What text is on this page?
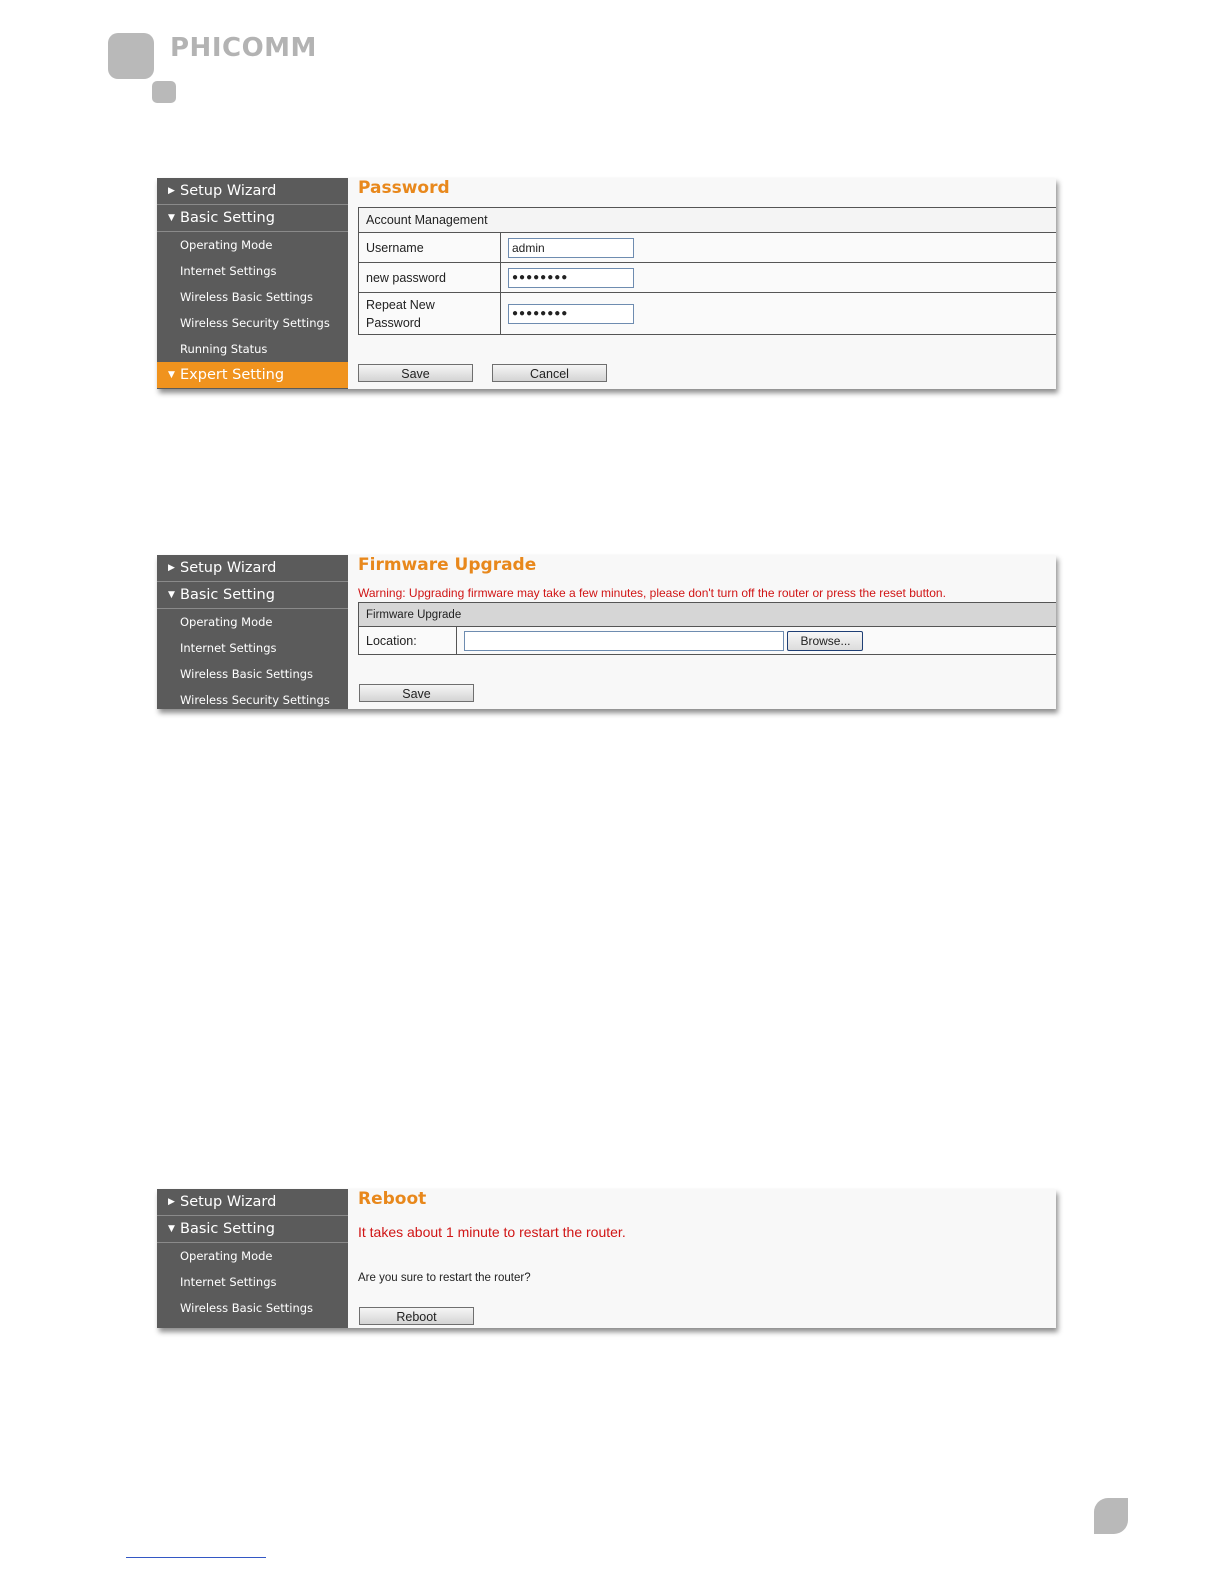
PHICOMM
▶ Setup Wizard
▼ Basic Setting
Operating Mode
Internet Settings
Wireless Basic Settings
Wireless Security Settings
Running Status
▼ Expert Setting
Password
Account Management	
Username	admin

new password	●●●●●●●●

Repeat New Password	●●●●●●●●
Save	Cancel
▶ Setup Wizard
▼ Basic Setting
Operating Mode
Internet Settings
Wireless Basic Settings
Wireless Security Settings
Firmware Upgrade
Warning: Upgrading firmware may take a few minutes, please don't turn off the router or press the reset button.
Firmware Upgrade
Location:	Browse...
Save
▶ Setup Wizard
▼ Basic Setting
Operating Mode
Internet Settings
Wireless Basic Settings
Reboot
It takes about 1 minute to restart the router.
Are you sure to restart the router?
Reboot
